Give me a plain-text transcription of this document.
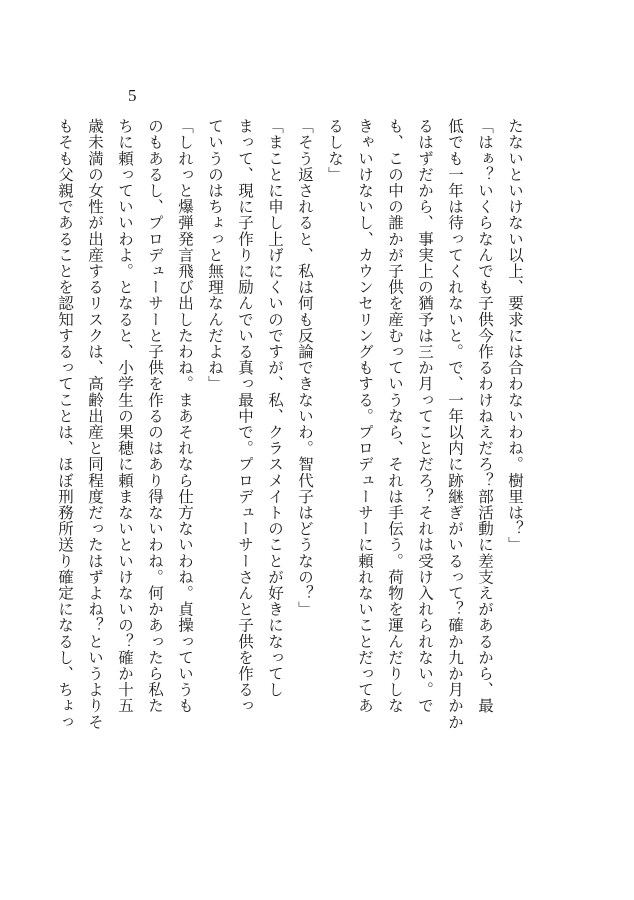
5
たないといけない以上、要求には合わないわね。樹里は？」
「はぁ？いくらなんでも子供今作るわけねえだろ？部活動に差支えがあるから、最
低でも一年は待ってくれないと。で、一年以内に跡継ぎがいるって？確か九か月かか
るはずだから、事実上の猶予は三か月ってことだろ？それは受け入れられない。で
も、この中の誰かが子供を産むっていうなら、それは手伝う。荷物を運んだりしな
きゃいけないし、カウンセリングもする。プロデューサーに頼れないことだってあ
るしな」
「そう返されると、私は何も反論できないわ。智代子はどうなの？」
「まことに申し上げにくいのですが、私、クラスメイトのことが好きになってし
まって、現に子作りに励んでいる真っ最中で。プロデューサーさんと子供を作るっ
ていうのはちょっと無理なんだよね」
「しれっと爆弾発言飛び出したわね。まあそれなら仕方ないわね。貞操っていうも
のもあるし、プロデューサーと子供を作るのはあり得ないわね。何かあったら私た
ちに頼っていいわよ。となると、小学生の果穂に頼まないといけないの？確か十五
歳未満の女性が出産するリスクは、高齢出産と同程度だったはずよね？というよりそ
もそも父親であることを認知するってことは、ほぼ刑務所送り確定になるし、ちょっ
